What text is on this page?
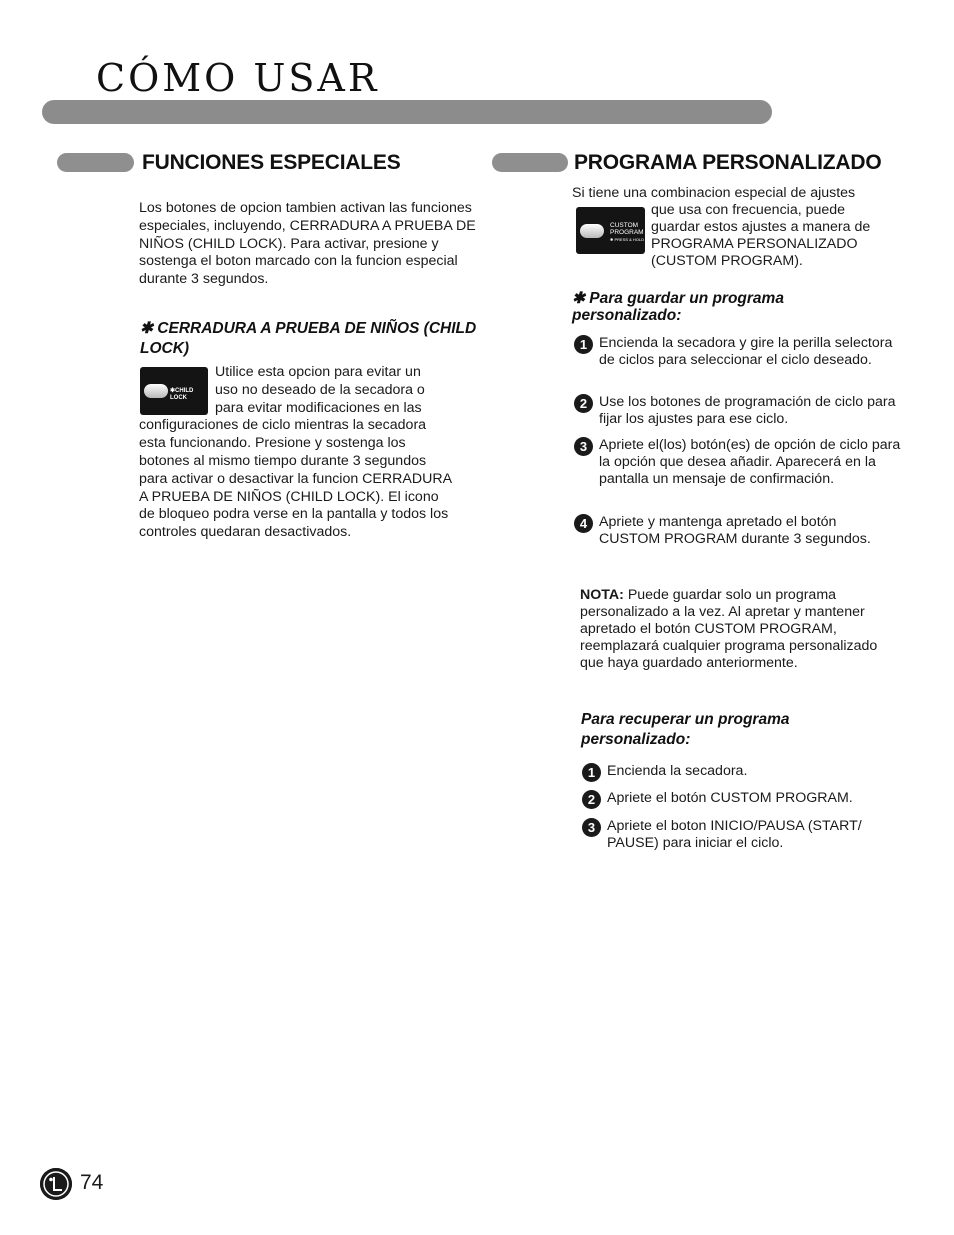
CÓMO USAR
FUNCIONES ESPECIALES
Los botones de opcion tambien activan las funciones especiales, incluyendo, CERRADURA A PRUEBA DE NIÑOS (CHILD LOCK). Para activar, presione y sostenga el boton marcado con la funcion especial durante 3 segundos.
✱ CERRADURA A PRUEBA DE NIÑOS (CHILD LOCK)
✱CHILD LOCK
Utilice esta opcion para evitar un
uso no deseado de la secadora o
para evitar modificaciones en las
configuraciones de ciclo mientras la secadora
esta funcionando. Presione y sostenga los
botones al mismo tiempo durante 3 segundos
para activar o desactivar la funcion CERRADURA
A PRUEBA DE NIÑOS (CHILD LOCK). El icono
de bloqueo podra verse en la pantalla y todos los
controles quedaran desactivados.
PROGRAMA PERSONALIZADO
Si tiene una combinacion especial de ajustes
CUSTOM
PROGRAM
✱ PRESS & HOLD
que usa con frecuencia, puede
guardar estos ajustes a manera de
PROGRAMA PERSONALIZADO
(CUSTOM PROGRAM).
✱ Para guardar un programa personalizado:
1 Encienda la secadora y gire la perilla selectora de ciclos para seleccionar el ciclo deseado.
2 Use los botones de programación de ciclo para fijar los ajustes para ese ciclo.
3 Apriete el(los) botón(es) de opción de ciclo para la opción que desea añadir. Aparecerá en la pantalla un mensaje de confirmación.
4 Apriete y mantenga apretado el botón CUSTOM PROGRAM durante 3 segundos.
NOTA: Puede guardar solo un programa personalizado a la vez. Al apretar y mantener apretado el botón CUSTOM PROGRAM, reemplazará cualquier programa personalizado que haya guardado anteriormente.
Para recuperar un programa personalizado:
1 Encienda la secadora.
2 Apriete el botón CUSTOM PROGRAM.
3 Apriete el boton INICIO/PAUSA (START/ PAUSE) para iniciar el ciclo.
74
